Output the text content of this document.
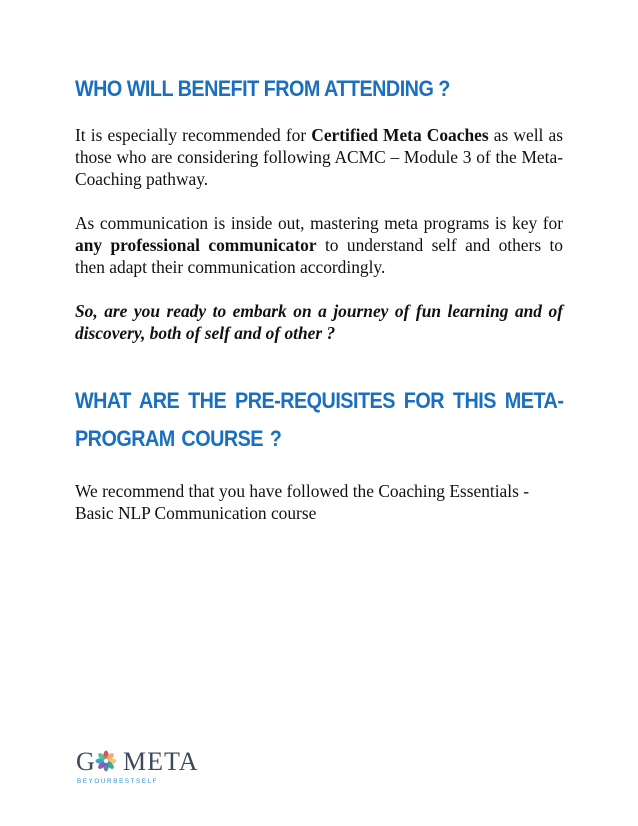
WHO WILL BENEFIT FROM ATTENDING ?

It is especially recommended for Certified Meta Coaches as well as those who are considering following ACMC – Module 3 of the Meta-Coaching pathway.

As communication is inside out, mastering meta programs is key for any professional communicator to understand self and others to then adapt their communication accordingly.

So, are you ready to embark on a journey of fun learning and of discovery, both of self and of other ?

WHAT ARE THE PRE-REQUISITES FOR THIS META-PROGRAM COURSE ?

We recommend that you have followed the Coaching Essentials - Basic NLP Communication course

G META
B E Y O U R B E S T S E L F
